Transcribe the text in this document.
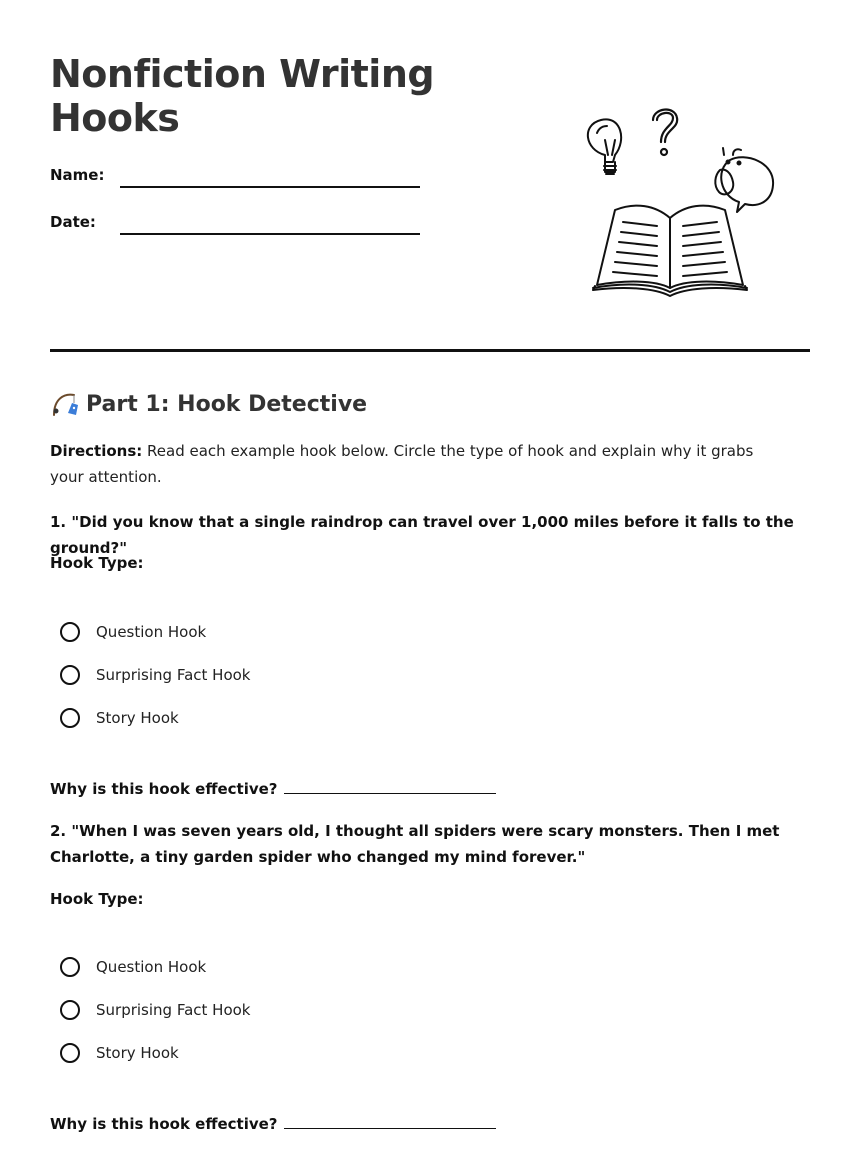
Nonfiction Writing Hooks
Name:
Date:
Part 1: Hook Detective

Directions: Read each example hook below. Circle the type of hook and explain why it grabs your attention.

1. "Did you know that a single raindrop can travel over 1,000 miles before it falls to the ground?"
Hook Type:
Question Hook
Surprising Fact Hook
Story Hook
Why is this hook effective?
2. "When I was seven years old, I thought all spiders were scary monsters. Then I met Charlotte, a tiny garden spider who changed my mind forever."
Hook Type:
Question Hook
Surprising Fact Hook
Story Hook
Why is this hook effective?
